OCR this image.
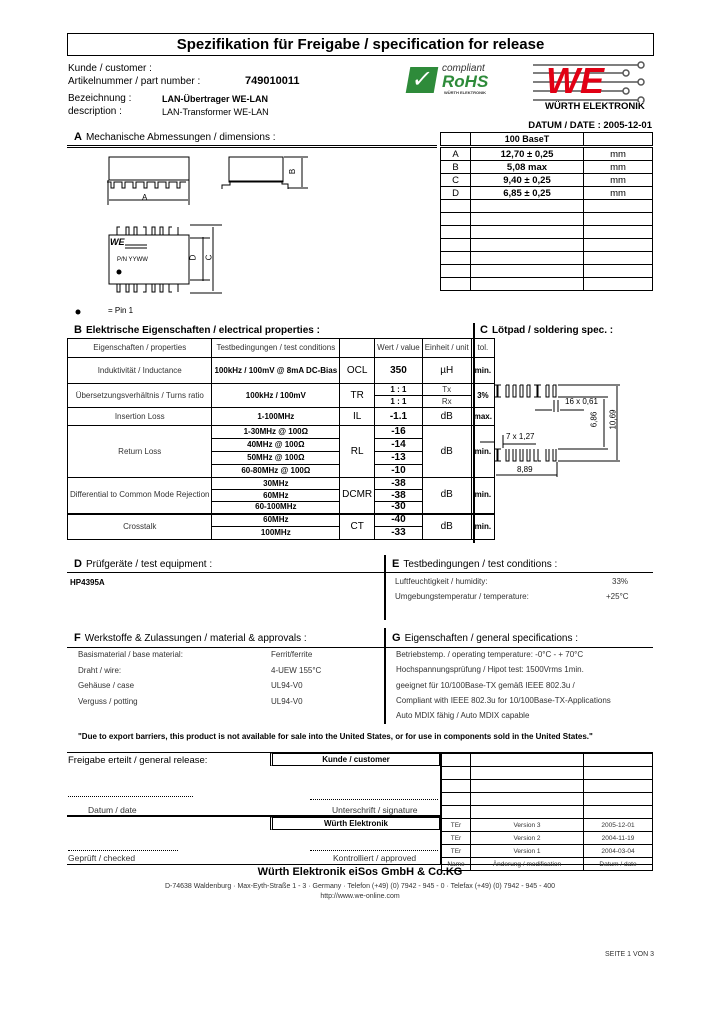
Spezifikation für Freigabe / specification for release
Kunde / customer :
Artikelnummer / part number :	749010011
Bezeichnung :	LAN-Übertrager WE-LAN
description :	LAN-Transformer WE-LAN
✓ compliant
RoHS
WÜRTH ELEKTRONIK WE
WÜRTH ELEKTRONIK
DATUM / DATE : 2005-12-01
A Mechanische Abmessungen / dimensions :
A
B
C
D
WE
P/N YYWW
= Pin 1
	100 BaseT	
A	12,70 ± 0,25	mm
B	5,08 max	mm
C	9,40 ± 0,25	mm
D	6,85 ± 0,25	mm

B Elektrische Eigenschaften / electrical properties :
Eigenschaften / properties	Testbedingungen / test conditions		Wert / value	Einheit / unit	tol.
Induktivität / Inductance	100kHz / 100mV @ 8mA DC-Bias	OCL	350	µH	min.
Übersetzungsverhältnis / Turns ratio	100kHz / 100mV	TR	1 : 1	Tx	3%
			1 : 1	Rx	
Insertion Loss	1-100MHz	IL	-1.1	dB	max.
Return Loss	1-30MHz @ 100Ω	RL	-16	dB	min.
	40MHz @ 100Ω		-14		
	50MHz @ 100Ω		-13		
	60-80MHz @ 100Ω		-10		
Differential to Common Mode Rejection	30MHz	DCMR	-38	dB	min.
	60MHz		-38		
	60-100MHz		-30		
Crosstalk	60MHz	CT	-40	dB	min.
	100MHz		-33		
C Lötpad / soldering spec. :
16 x 0,61
7 x 1,27
8,89
6,86 10,69
D Prüfgeräte / test equipment :	E Testbedingungen / test conditions :
HP4395A	Luftfeuchtigkeit / humidity:	33%
Umgebungstemperatur / temperature:	+25°C
F Werkstoffe & Zulassungen / material & approvals :	G Eigenschaften / general specifications :
Basismaterial / base material:	Ferrit/ferrite
Draht / wire:	4-UEW 155°C
Gehäuse / case	UL94-V0
Verguss / potting	UL94-V0
Betriebstemp. / operating temperature: -0°C - + 70°C
Hochspannungsprüfung / Hipot test: 1500Vrms 1min.
geeignet für 10/100Base-TX gemäß IEEE 802.3u /
Compliant with IEEE 802.3u for 10/100Base-TX-Applications
Auto MDIX fähig / Auto MDIX capable
"Due to export barriers, this product is not available for sale into the United States, or for use in components sold in the United States."
Freigabe erteilt / general release:	Kunde / customer
Datum / date	Unterschrift / signature
Würth Elektronik
Geprüft / checked	Kontrolliert / approved

TEr	Version 3	2005-12-01
TEr	Version 2	2004-11-19
TEr	Version 1	2004-03-04
Name	Änderung / modification	Datum / date
Würth Elektronik eiSos GmbH & Co.KG
D-74638 Waldenburg · Max-Eyth-Straße 1 - 3 · Germany · Telefon (+49) (0) 7942 - 945 - 0 · Telefax (+49) (0) 7942 - 945 - 400
http://www.we-online.com
SEITE 1 VON 3
